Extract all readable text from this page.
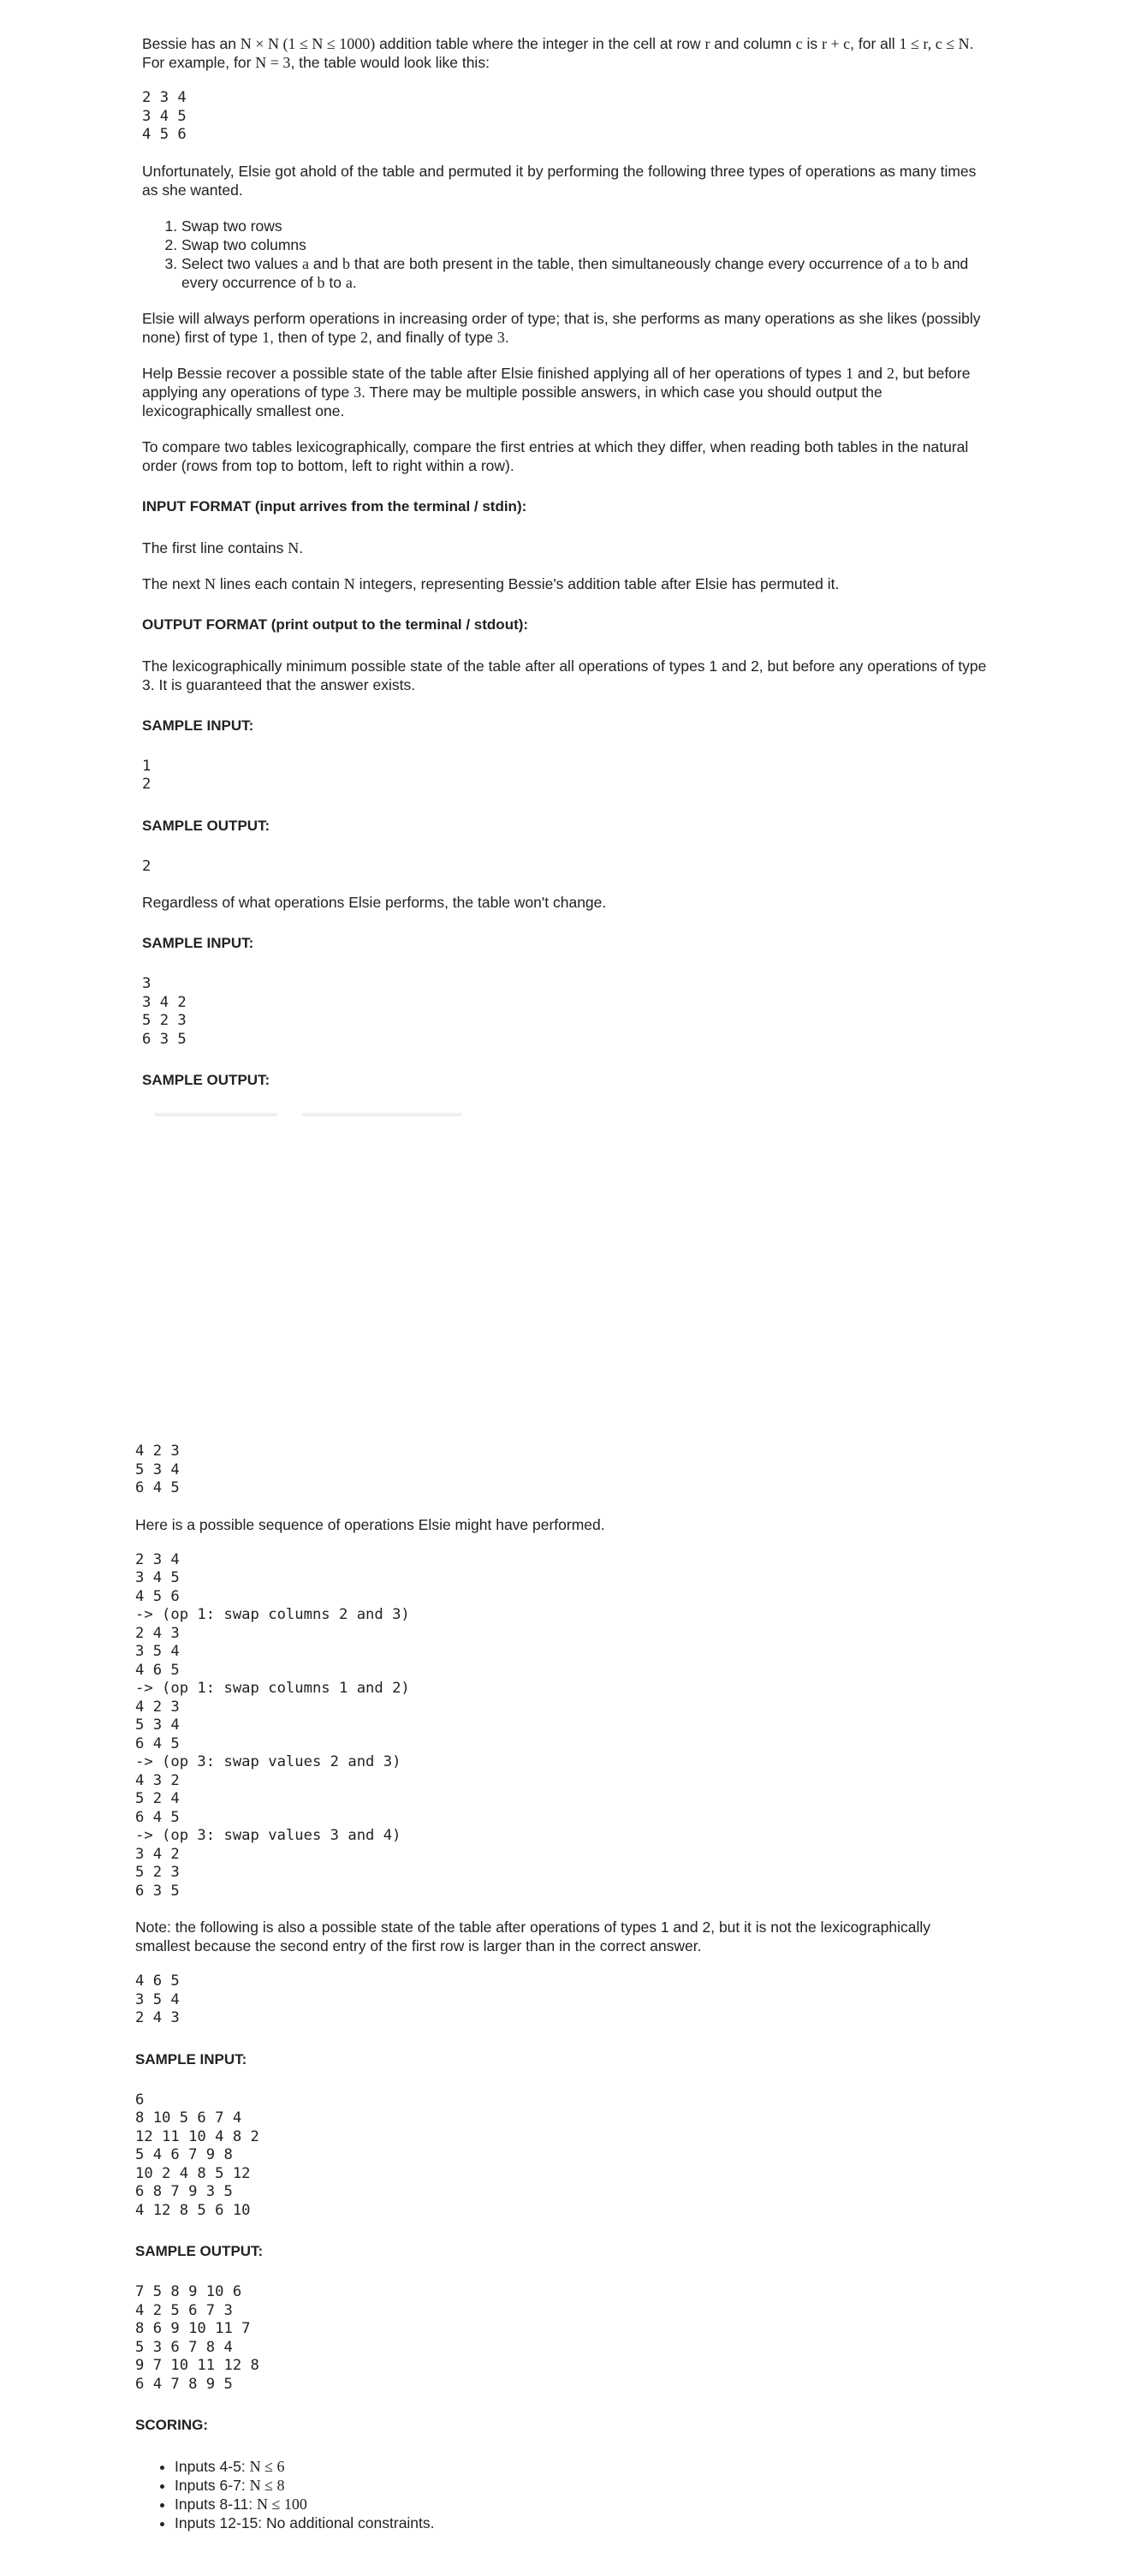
Bessie has an N × N (1 ≤ N ≤ 1000) addition table where the integer in the cell at row r and column c is r + c, for all 1 ≤ r, c ≤ N. For example, for N = 3, the table would look like this:

2 3 4
3 4 5
4 5 6

Unfortunately, Elsie got ahold of the table and permuted it by performing the following three types of operations as many times as she wanted.

1. Swap two rows
2. Swap two columns
3. Select two values a and b that are both present in the table, then simultaneously change every occurrence of a to b and every occurrence of b to a.

Elsie will always perform operations in increasing order of type; that is, she performs as many operations as she likes (possibly none) first of type 1, then of type 2, and finally of type 3.

Help Bessie recover a possible state of the table after Elsie finished applying all of her operations of types 1 and 2, but before applying any operations of type 3. There may be multiple possible answers, in which case you should output the lexicographically smallest one.

To compare two tables lexicographically, compare the first entries at which they differ, when reading both tables in the natural order (rows from top to bottom, left to right within a row).

INPUT FORMAT (input arrives from the terminal / stdin):

The first line contains N.

The next N lines each contain N integers, representing Bessie's addition table after Elsie has permuted it.

OUTPUT FORMAT (print output to the terminal / stdout):

The lexicographically minimum possible state of the table after all operations of types 1 and 2, but before any operations of type 3. It is guaranteed that the answer exists.

SAMPLE INPUT:
1
2
SAMPLE OUTPUT:
2

Regardless of what operations Elsie performs, the table won't change.

SAMPLE INPUT:
3
3 4 2
5 2 3
6 3 5
SAMPLE OUTPUT:
4 2 3
5 3 4
6 4 5

Here is a possible sequence of operations Elsie might have performed.

2 3 4
3 4 5
4 5 6
-> (op 1: swap columns 2 and 3)
2 4 3
3 5 4
4 6 5
-> (op 1: swap columns 1 and 2)
4 2 3
5 3 4
6 4 5
-> (op 3: swap values 2 and 3)
4 3 2
5 2 4
6 4 5
-> (op 3: swap values 3 and 4)
3 4 2
5 2 3
6 3 5

Note: the following is also a possible state of the table after operations of types 1 and 2, but it is not the lexicographically smallest because the second entry of the first row is larger than in the correct answer.

4 6 5
3 5 4
2 4 3
SAMPLE INPUT:
6
8 10 5 6 7 4
12 11 10 4 8 2
5 4 6 7 9 8
10 2 4 8 5 12
6 8 7 9 3 5
4 12 8 5 6 10
SAMPLE OUTPUT:
7 5 8 9 10 6
4 2 5 6 7 3
8 6 9 10 11 7
5 3 6 7 8 4
9 7 10 11 12 8
6 4 7 8 9 5
SCORING:
• Inputs 4-5: N ≤ 6
• Inputs 6-7: N ≤ 8
• Inputs 8-11: N ≤ 100
• Inputs 12-15: No additional constraints.
